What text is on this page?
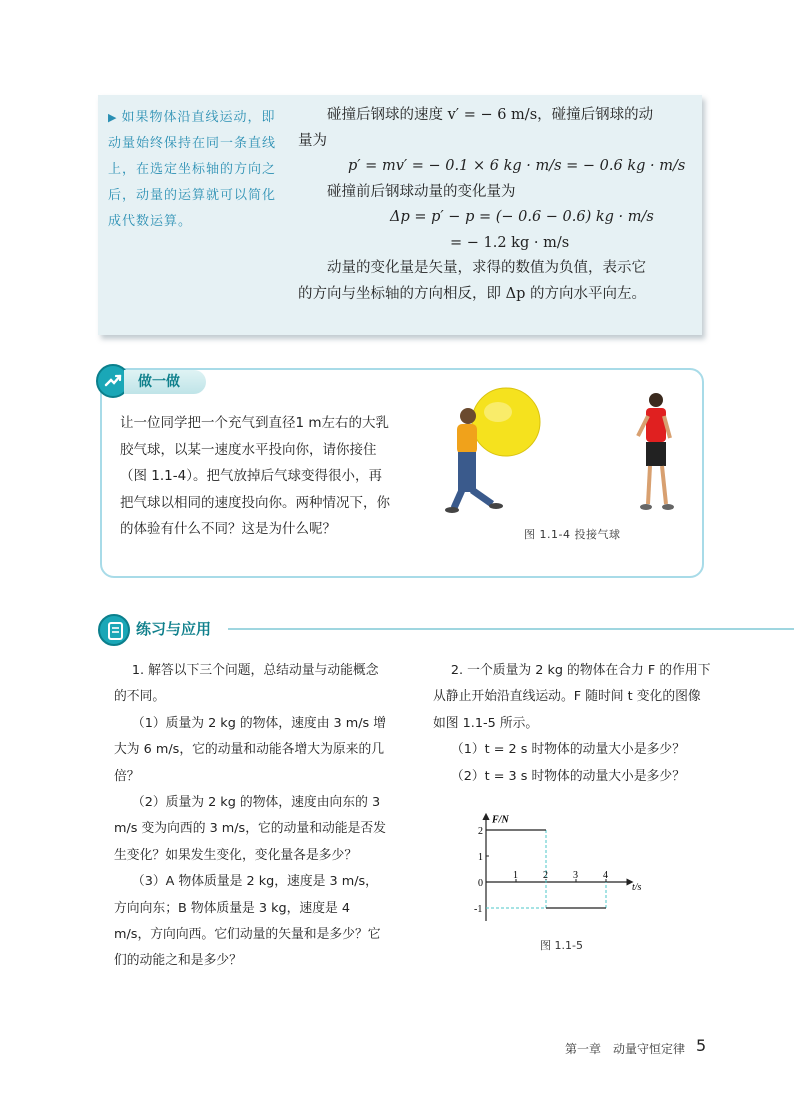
▶ 如果物体沿直线运动，即动量始终保持在同一条直线上，在选定坐标轴的方向之后，动量的运算就可以简化成代数运算。

碰撞后钢球的速度 v′ = − 6 m/s，碰撞后钢球的动

量为

p′ = mv′ = − 0.1 × 6 kg · m/s = − 0.6 kg · m/s

碰撞前后钢球动量的变化量为

Δp = p′ − p = (− 0.6 − 0.6) kg · m/s

= − 1.2 kg · m/s

动量的变化量是矢量，求得的数值为负值，表示它

的方向与坐标轴的方向相反，即 Δp 的方向水平向左。

做一做
让一位同学把一个充气到直径1 m左右的大乳胶气球，以某一速度水平投向你，请你接住（图 1.1-4）。把气放掉后气球变得很小，再把气球以相同的速度投向你。两种情况下，你的体验有什么不同？这是为什么呢？	图 1.1-4 投接气球
练习与应用

1. 解答以下三个问题，总结动量与动能概念的不同。

（1）质量为 2 kg 的物体，速度由 3 m/s 增大为 6 m/s，它的动量和动能各增大为原来的几倍？

（2）质量为 2 kg 的物体，速度由向东的 3 m/s 变为向西的 3 m/s，它的动量和动能是否发生变化？如果发生变化，变化量各是多少？

（3）A 物体质量是 2 kg，速度是 3 m/s，方向向东；B 物体质量是 3 kg，速度是 4 m/s，方向向西。它们动量的矢量和是多少？它们的动能之和是多少？

2. 一个质量为 2 kg 的物体在合力 F 的作用下从静止开始沿直线运动。F 随时间 t 变化的图像如图 1.1-5 所示。

（1）t = 2 s 时物体的动量大小是多少？

（2）t = 3 s 时物体的动量大小是多少？

F/N
t/s
1	2	3	4
2
1
0
-1
图 1.1-5
第一章　动量守恒定律 5
